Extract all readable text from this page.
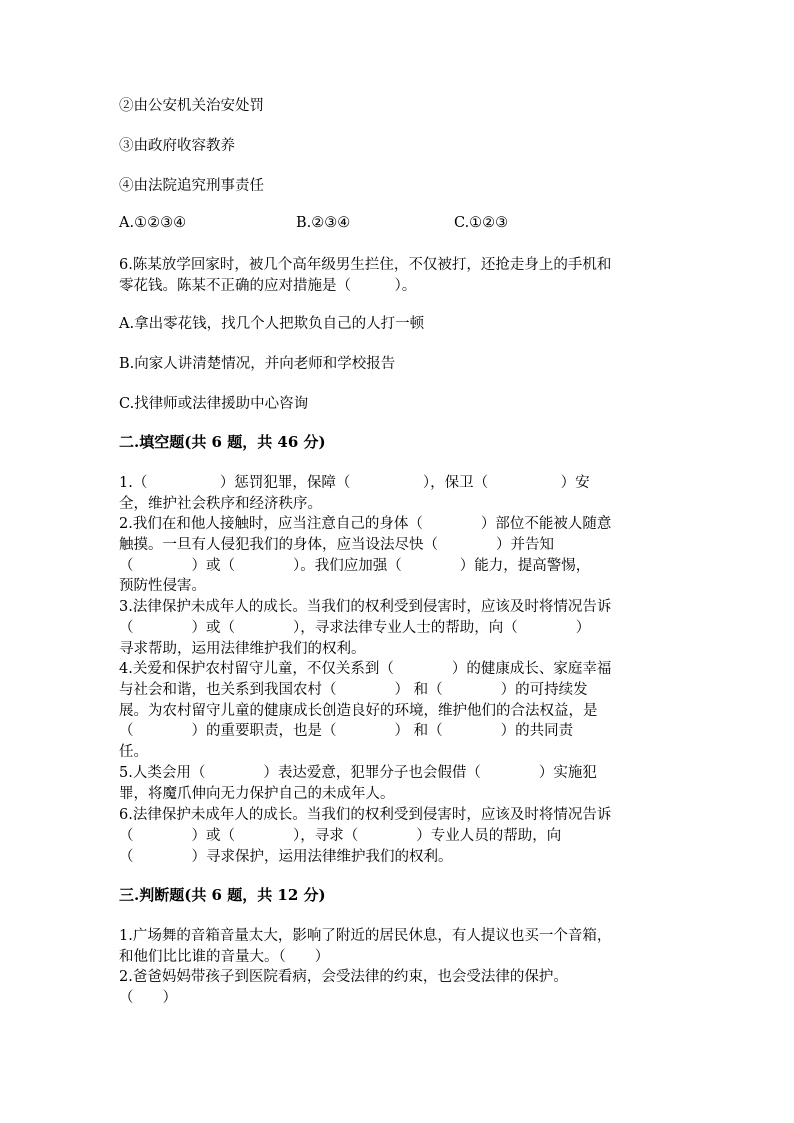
②由公安机关治安处罚
③由政府收容教养
④由法院追究刑事责任
A.①②③④	B.②③④	C.①②③
6.陈某放学回家时，被几个高年级男生拦住，不仅被打，还抢走身上的手机和
零花钱。陈某不正确的应对措施是（　　　）。
A.拿出零花钱，找几个人把欺负自己的人打一顿
B.向家人讲清楚情况，并向老师和学校报告
C.找律师或法律援助中心咨询
二.填空题(共 6 题，共 46 分)
1.（　　　　　）惩罚犯罪，保障（　　　　　），保卫（　　　　　）安
全，维护社会秩序和经济秩序。
2.我们在和他人接触时，应当注意自己的身体（　　　　）部位不能被人随意
触摸。一旦有人侵犯我们的身体，应当设法尽快（　　　　）并告知
（　　　　）或（　　　　）。我们应加强（　　　　）能力，提高警惕，
预防性侵害。
3.法律保护未成年人的成长。当我们的权利受到侵害时，应该及时将情况告诉
（　　　　）或（　　　　），寻求法律专业人士的帮助，向（　　　　）
寻求帮助，运用法律维护我们的权利。
4.关爱和保护农村留守儿童，不仅关系到（　　　　）的健康成长、家庭幸福
与社会和谐，也关系到我国农村（　　　　） 和（　　　　）的可持续发
展。为农村留守儿童的健康成长创造良好的环境，维护他们的合法权益，是
（　　　　）的重要职责，也是（　　　　） 和（　　　　）的共同责
任。
5.人类会用（　　　　）表达爱意，犯罪分子也会假借（　　　　）实施犯
罪，将魔爪伸向无力保护自己的未成年人。
6.法律保护未成年人的成长。当我们的权利受到侵害时，应该及时将情况告诉
（　　　　）或（　　　　），寻求（　　　　）专业人员的帮助，向
（　　　　）寻求保护，运用法律维护我们的权利。
三.判断题(共 6 题，共 12 分)
1.广场舞的音箱音量太大，影响了附近的居民休息，有人提议也买一个音箱，
和他们比比谁的音量大。（　　）
2.爸爸妈妈带孩子到医院看病，会受法律的约束，也会受法律的保护。
（　　）
